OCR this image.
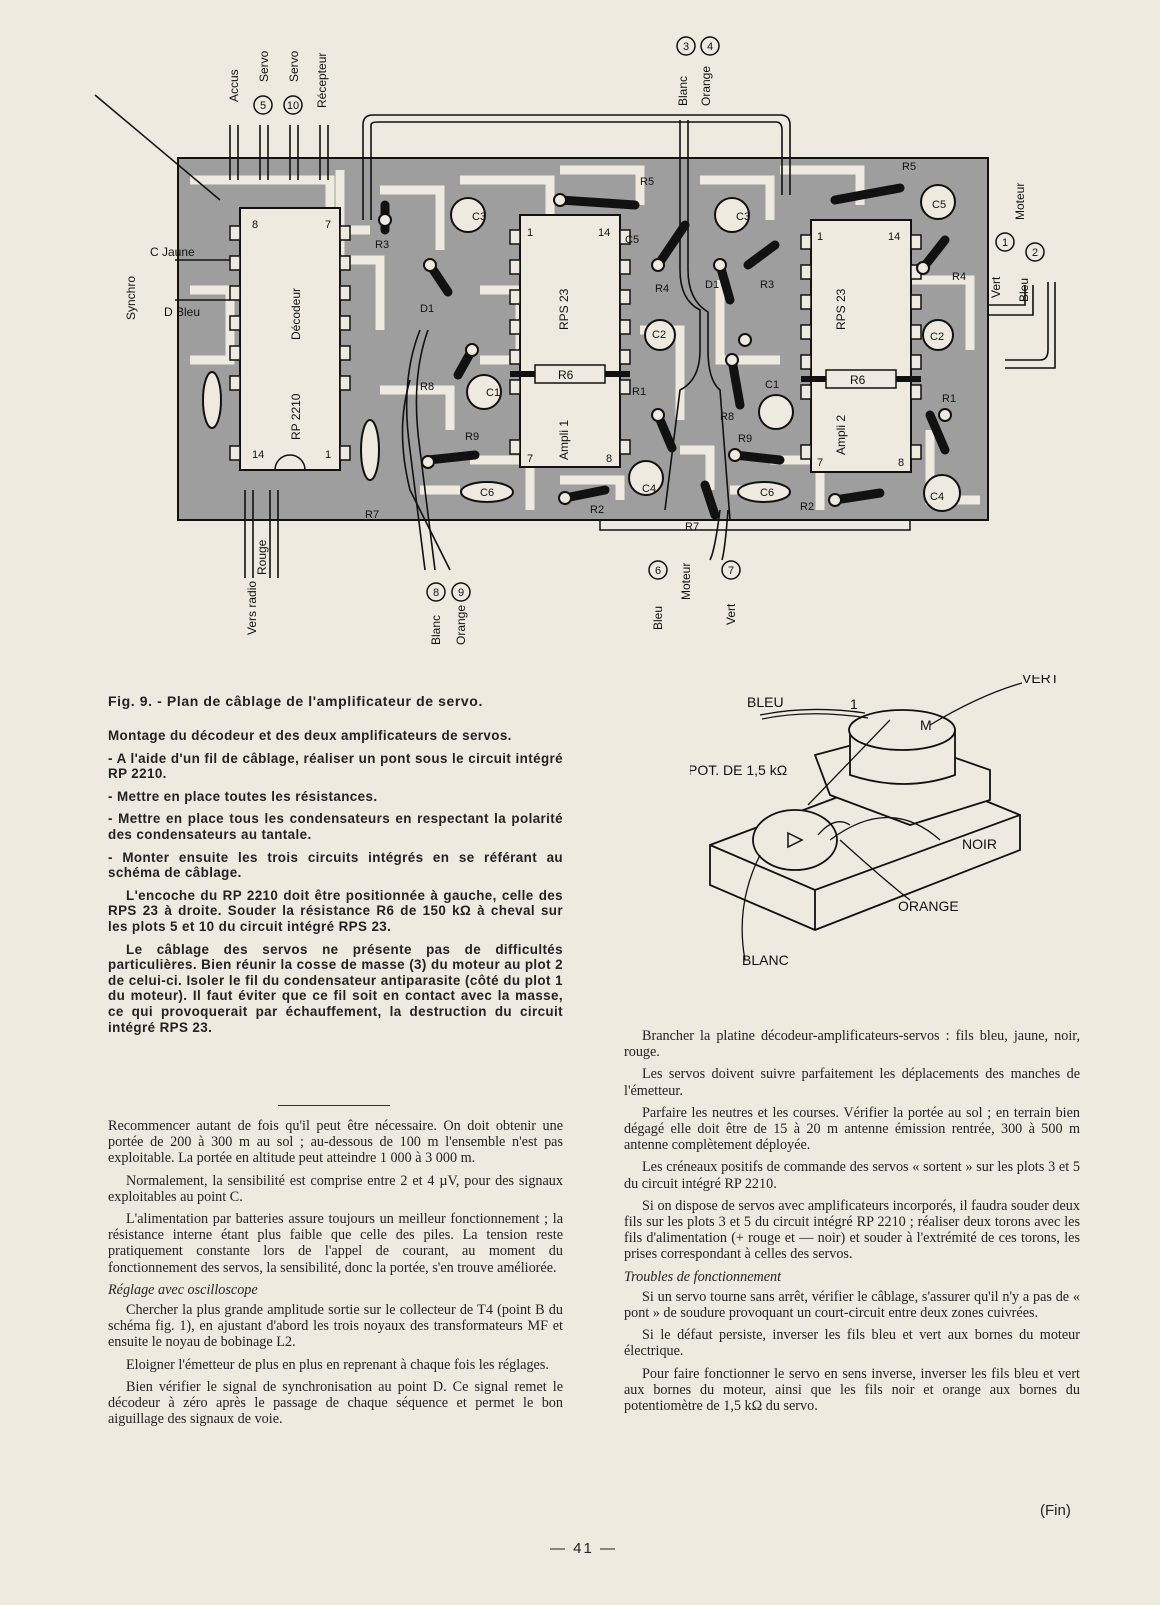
R3
D1
C3
R8	C1
R9
R7
C6
R2
R5
C5
R4
C2
R1
C4
C3
D1	R3
R8
C1
R9
R7
C6
R2
R5
C5
R4
C2
R1
C4
8	7
14	1
1	14
7	8
1	14
7	8
R6	R6
Décodeur
RP 2210
RPS 23
Ampli 1
RPS 23
Ampli 2
Accus
Servo Servo Récepteur	Blanc Orange
Moteur
Vert Bleu
Synchro
C Jaune
D Bleu
Rouge
Vers radio	Blanc Orange	Bleu
Moteur
Vert
5 10
3 4
1
2
8 9
6	7
Fig. 9. - Plan de câblage de l'amplificateur de servo.

Montage du décodeur et des deux amplificateurs de servos.

- A l'aide d'un fil de câblage, réaliser un pont sous le circuit intégré RP 2210.

- Mettre en place toutes les résistances.

- Mettre en place tous les condensateurs en respectant la polarité des condensateurs au tantale.

- Monter ensuite les trois circuits intégrés en se référant au schéma de câblage.

L'encoche du RP 2210 doit être positionnée à gauche, celle des RPS 23 à droite. Souder la résistance R6 de 150 kΩ à cheval sur les plots 5 et 10 du circuit intégré RPS 23.

Le câblage des servos ne présente pas de difficultés particulières. Bien réunir la cosse de masse (3) du moteur au plot 2 de celui-ci. Isoler le fil du condensateur antiparasite (côté du plot 1 du moteur). Il faut éviter que ce fil soit en contact avec la masse, ce qui provoquerait par échauffement, la destruction du circuit intégré RPS 23.

Recommencer autant de fois qu'il peut être nécessaire. On doit obtenir une portée de 200 à 300 m au sol ; au-dessous de 100 m l'ensemble n'est pas exploitable. La portée en altitude peut atteindre 1 000 à 3 000 m.

Normalement, la sensibilité est comprise entre 2 et 4 µV, pour des signaux exploitables au point C.

L'alimentation par batteries assure toujours un meilleur fonctionnement ; la résistance interne étant plus faible que celle des piles. La tension reste pratiquement constante lors de l'appel de courant, au moment du fonctionnement des servos, la sensibilité, donc la portée, s'en trouve améliorée.

Réglage avec oscilloscope

Chercher la plus grande amplitude sortie sur le collecteur de T4 (point B du schéma fig. 1), en ajustant d'abord les trois noyaux des transformateurs MF et ensuite le noyau de bobinage L2.

Eloigner l'émetteur de plus en plus en reprenant à chaque fois les réglages.

Bien vérifier le signal de synchronisation au point D. Ce signal remet le décodeur à zéro après le passage de chaque séquence et permet le bon aiguillage des signaux de voie.

BLEU
VERT
POT. DE 1,5 kΩ
M
1
NOIR
ORANGE
BLANC

Brancher la platine décodeur-amplificateurs-servos : fils bleu, jaune, noir, rouge.

Les servos doivent suivre parfaitement les déplacements des manches de l'émetteur.

Parfaire les neutres et les courses. Vérifier la portée au sol ; en terrain bien dégagé elle doit être de 15 à 20 m antenne émission rentrée, 300 à 500 m antenne complètement déployée.

Les créneaux positifs de commande des servos « sortent » sur les plots 3 et 5 du circuit intégré RP 2210.

Si on dispose de servos avec amplificateurs incorporés, il faudra souder deux fils sur les plots 3 et 5 du circuit intégré RP 2210 ; réaliser deux torons avec les fils d'alimentation (+ rouge et — noir) et souder à l'extrémité de ces torons, les prises correspondant à celles des servos.

Troubles de fonctionnement

Si un servo tourne sans arrêt, vérifier le câblage, s'assurer qu'il n'y a pas de « pont » de soudure provoquant un court-circuit entre deux zones cuivrées.

Si le défaut persiste, inverser les fils bleu et vert aux bornes du moteur électrique.

Pour faire fonctionner le servo en sens inverse, inverser les fils bleu et vert aux bornes du moteur, ainsi que les fils noir et orange aux bornes du potentiomètre de 1,5 kΩ du servo.

(Fin)
— 41 —
